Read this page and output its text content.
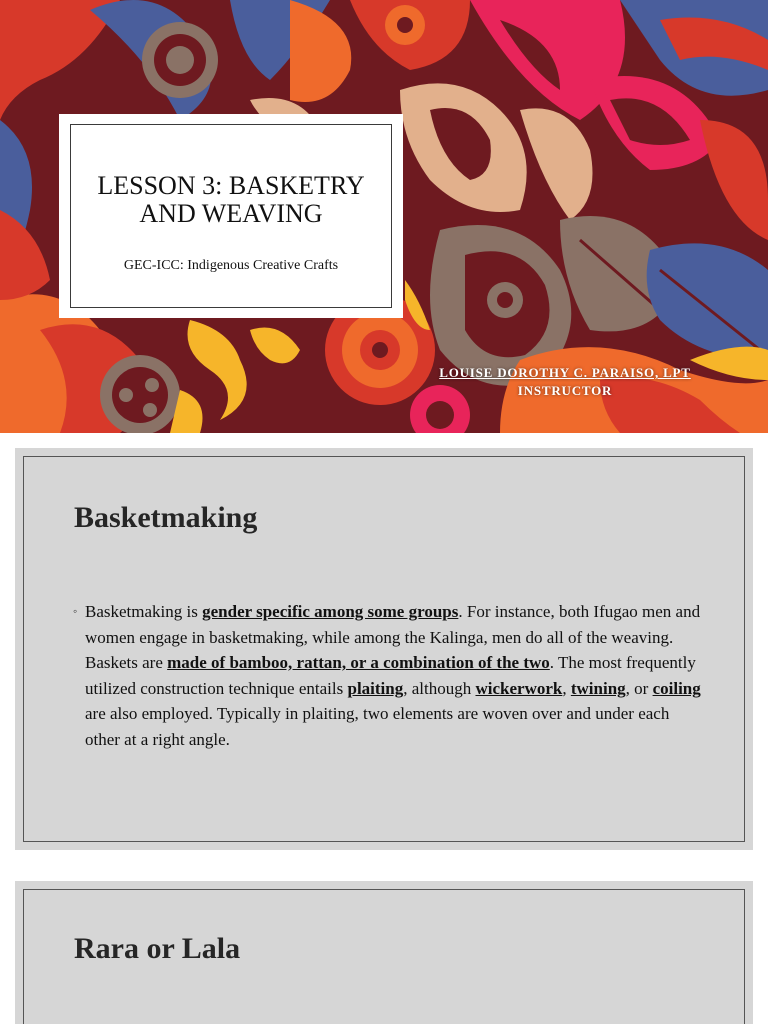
LESSON 3: BASKETRY AND WEAVING

GEC-ICC: Indigenous Creative Crafts

LOUISE DOROTHY C. PARAISO, LPT
INSTRUCTOR
Basketmaking
◦ Basketmaking is gender specific among some groups. For instance, both Ifugao men and women engage in basketmaking, while among the Kalinga, men do all of the weaving. Baskets are made of bamboo, rattan, or a combination of the two. The most frequently utilized construction technique entails plaiting, although wickerwork, twining, or coiling are also employed. Typically in plaiting, two elements are woven over and under each other at a right angle.
Rara or Lala
